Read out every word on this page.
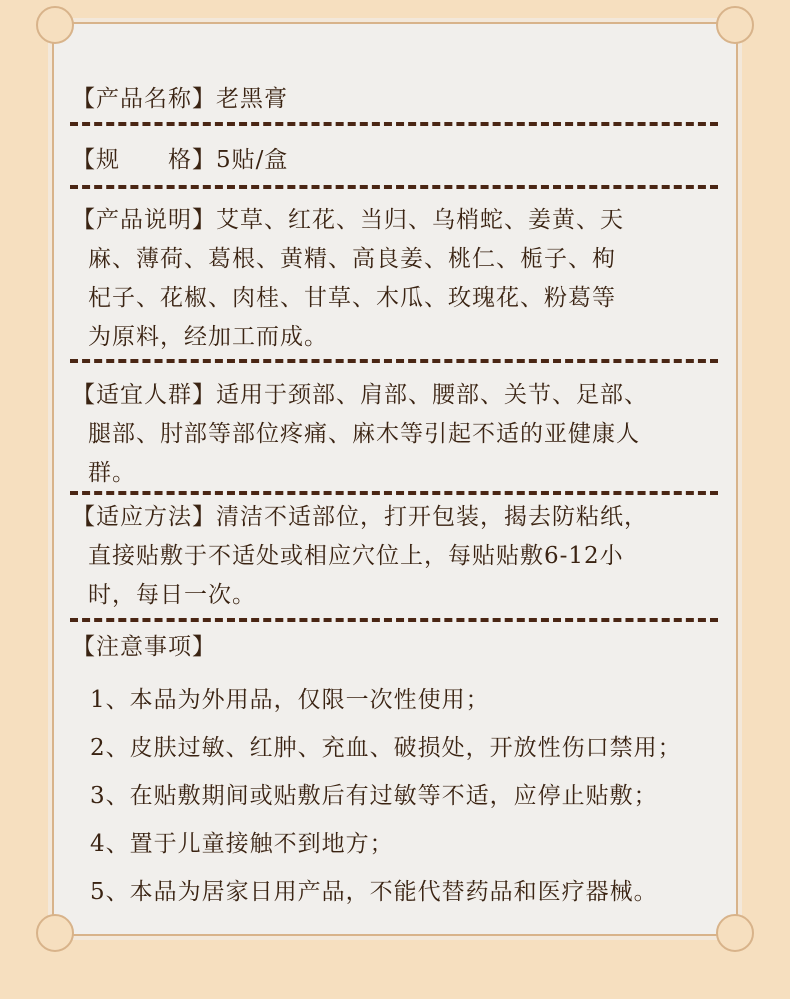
【产品名称】老黑膏
【规　　格】5贴/盒
【产品说明】艾草、红花、当归、乌梢蛇、姜黄、天
麻、薄荷、葛根、黄精、高良姜、桃仁、栀子、枸
杞子、花椒、肉桂、甘草、木瓜、玫瑰花、粉葛等
为原料，经加工而成。
【适宜人群】适用于颈部、肩部、腰部、关节、足部、
腿部、肘部等部位疼痛、麻木等引起不适的亚健康人
群。
【适应方法】清洁不适部位，打开包装，揭去防粘纸，
直接贴敷于不适处或相应穴位上，每贴贴敷6-12小
时，每日一次。
【注意事项】
1、本品为外用品，仅限一次性使用；
2、皮肤过敏、红肿、充血、破损处，开放性伤口禁用；
3、在贴敷期间或贴敷后有过敏等不适，应停止贴敷；
4、置于儿童接触不到地方；
5、本品为居家日用产品，不能代替药品和医疗器械。
